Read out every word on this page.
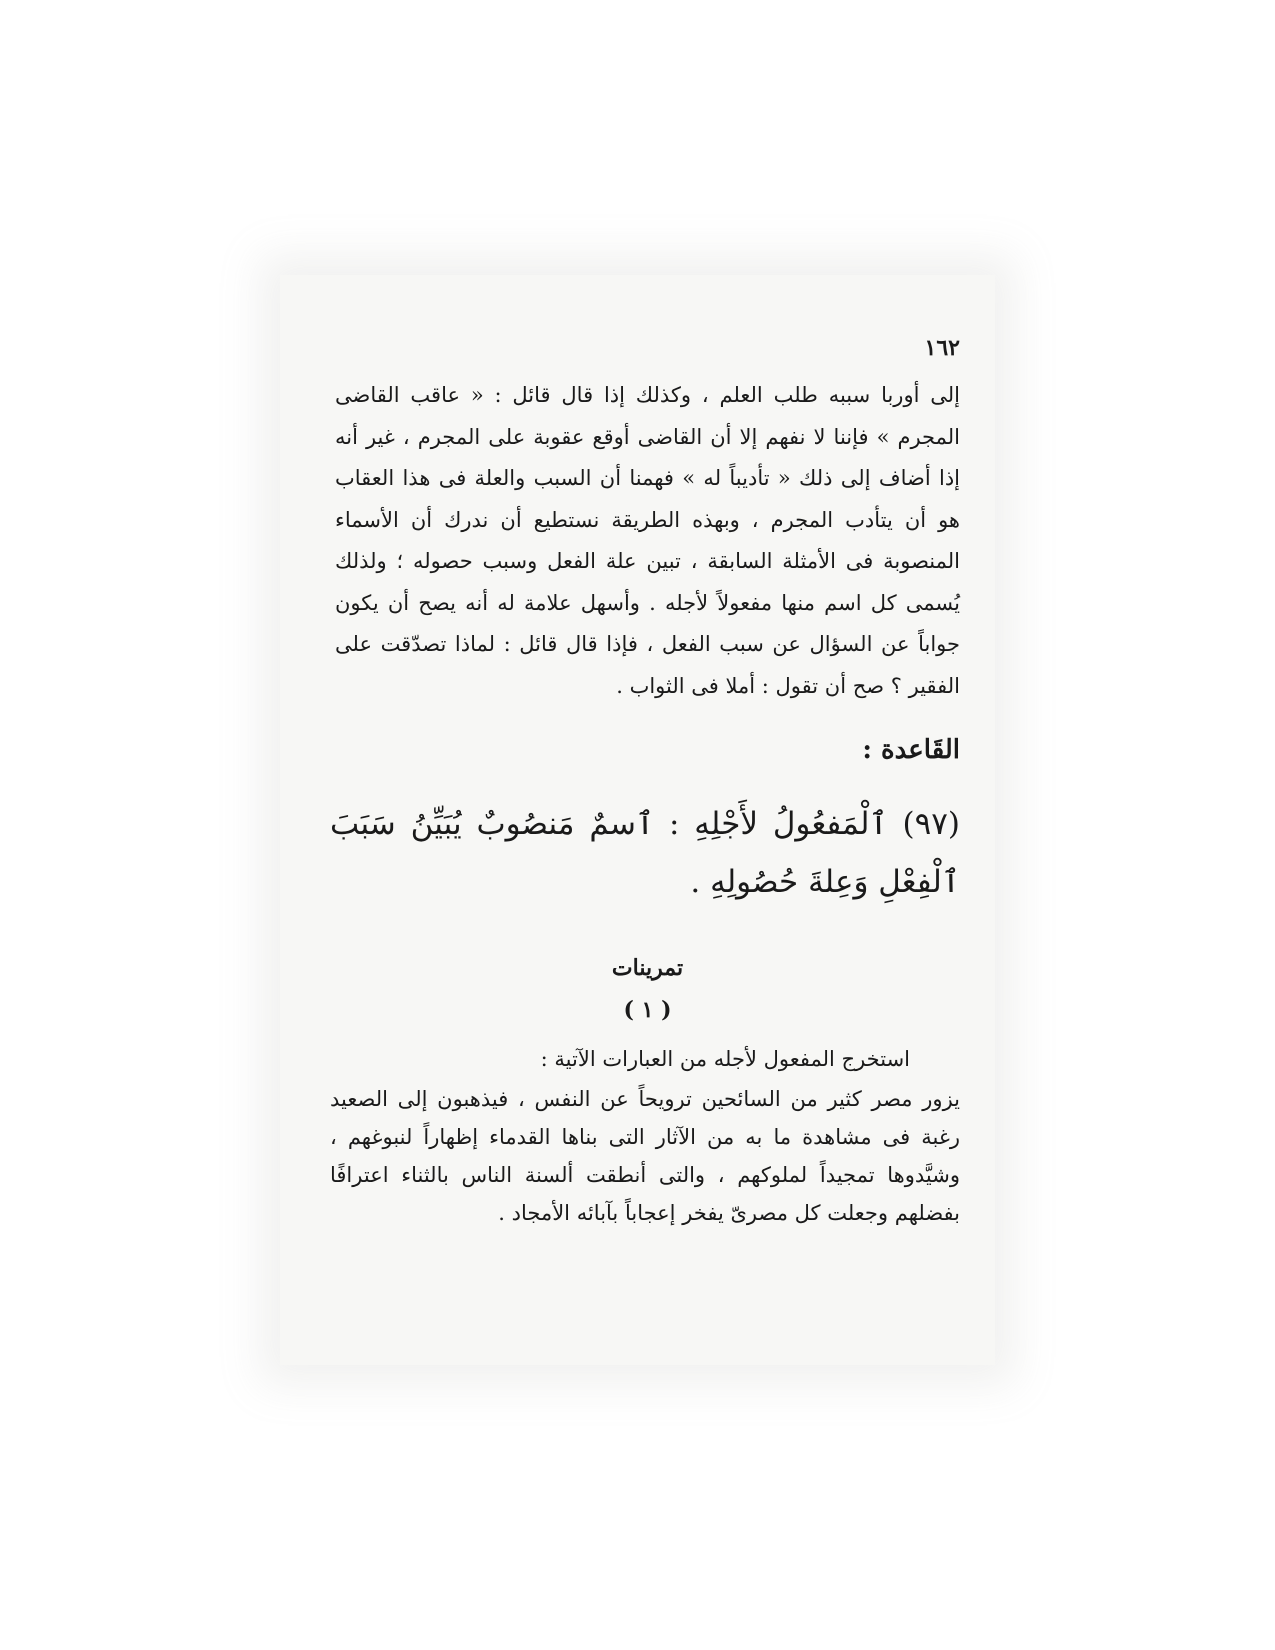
١٦٢
إلى أوربا سببه طلب العلم ، وكذلك إذا قال قائل : « عاقب القاضى المجرم » فإننا لا نفهم إلا أن القاضى أوقع عقوبة على المجرم ، غير أنه إذا أضاف إلى ذلك « تأديباً له » فهمنا أن السبب والعلة فى هذا العقاب هو أن يتأدب المجرم ، وبهذه الطريقة نستطيع أن ندرك أن الأسماء المنصوبة فى الأمثلة السابقة ، تبين علة الفعل وسبب حصوله ؛ ولذلك يُسمى كل اسم منها مفعولاً لأجله . وأسهل علامة له أنه يصح أن يكون جواباً عن السؤال عن سبب الفعل ، فإذا قال قائل : لماذا تصدّقت على الفقير ؟ صح أن تقول : أملا فى الثواب .
القَاعدة :
(٩٧) ٱلْمَفعُولُ لأَجْلِهِ : ٱسمٌ مَنصُوبٌ يُبَيِّنُ سَبَبَ ٱلْفِعْلِ وَعِلةَ حُصُولِهِ .
تمرينات
( ١ )
استخرج المفعول لأجله من العبارات الآتية :
يزور مصر كثير من السائحين ترويحاً عن النفس ، فيذهبون إلى الصعيد رغبة فى مشاهدة ما به من الآثار التى بناها القدماء إظهاراً لنبوغهم ، وشيَّدوها تمجيداً لملوكهم ، والتى أنطقت ألسنة الناس بالثناء اعترافًا بفضلهم وجعلت كل مصرىّ يفخر إعجاباً بآبائه الأمجاد .
